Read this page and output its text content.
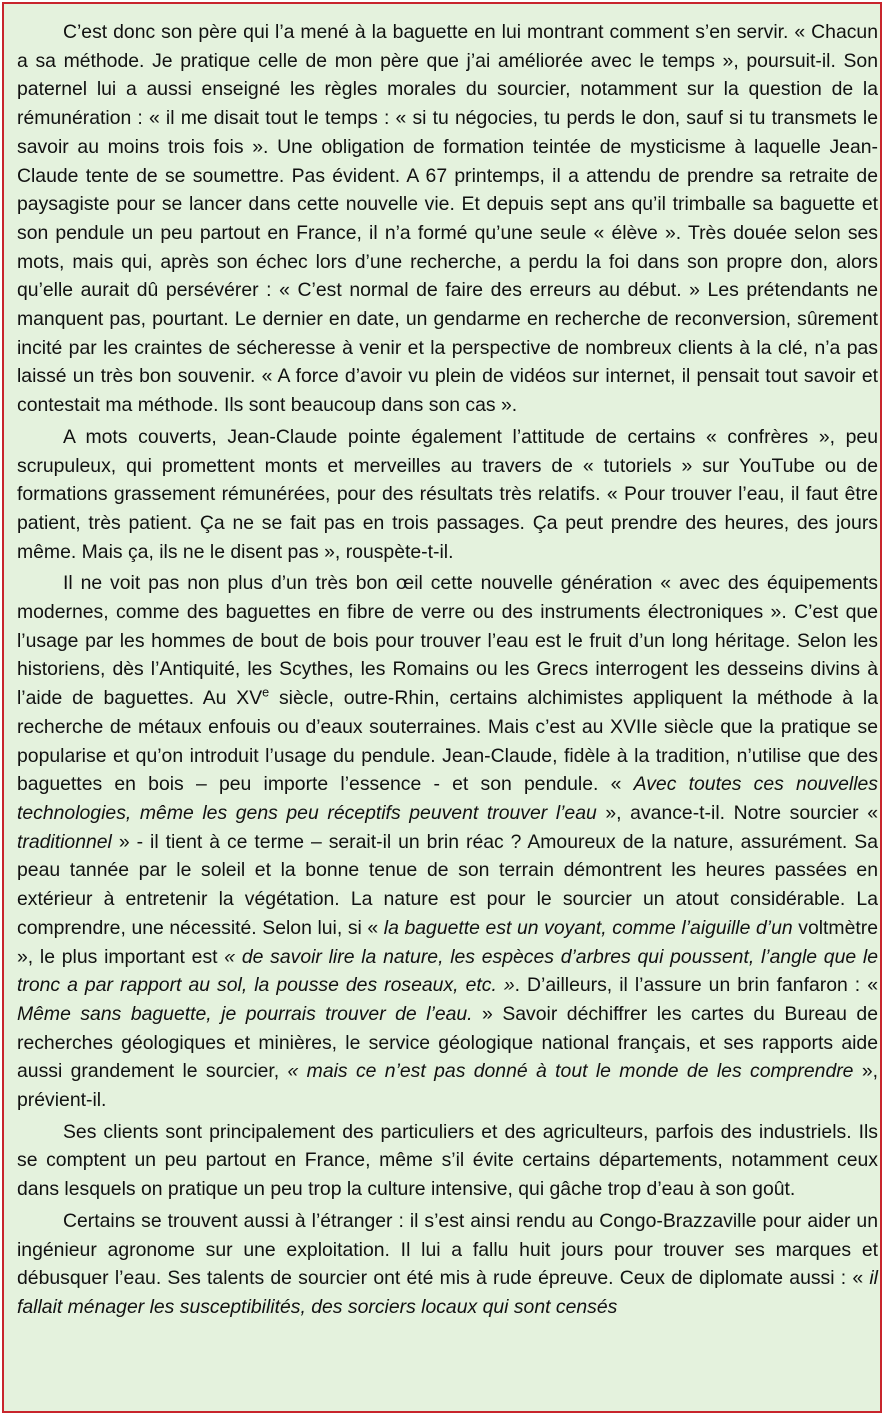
C’est donc son père qui l’a mené à la baguette en lui montrant comment s’en servir. « Chacun a sa méthode. Je pratique celle de mon père que j’ai améliorée avec le temps », poursuit-il. Son paternel lui a aussi enseigné les règles morales du sourcier, notamment sur la question de la rémunération : « il me disait tout le temps : « si tu négocies, tu perds le don, sauf si tu transmets le savoir au moins trois fois ». Une obligation de formation teintée de mysticisme à laquelle Jean-Claude tente de se soumettre. Pas évident. A 67 printemps, il a attendu de prendre sa retraite de paysagiste pour se lancer dans cette nouvelle vie. Et depuis sept ans qu’il trimballe sa baguette et son pendule un peu partout en France, il n’a formé qu’une seule « élève ». Très douée selon ses mots, mais qui, après son échec lors d’une recherche, a perdu la foi dans son propre don, alors qu’elle aurait dû persévérer : « C’est normal de faire des erreurs au début. » Les prétendants ne manquent pas, pourtant. Le dernier en date, un gendarme en recherche de reconversion, sûrement incité par les craintes de sécheresse à venir et la perspective de nombreux clients à la clé, n’a pas laissé un très bon souvenir. « A force d’avoir vu plein de vidéos sur internet, il pensait tout savoir et contestait ma méthode. Ils sont beaucoup dans son cas ».

A mots couverts, Jean-Claude pointe également l’attitude de certains « confrères », peu scrupuleux, qui promettent monts et merveilles au travers de « tutoriels » sur YouTube ou de formations grassement rémunérées, pour des résultats très relatifs. « Pour trouver l’eau, il faut être patient, très patient. Ça ne se fait pas en trois passages. Ça peut prendre des heures, des jours même. Mais ça, ils ne le disent pas », rouspète-t-il.

Il ne voit pas non plus d’un très bon œil cette nouvelle génération « avec des équipements modernes, comme des baguettes en fibre de verre ou des instruments électroniques ». C’est que l’usage par les hommes de bout de bois pour trouver l’eau est le fruit d’un long héritage. Selon les historiens, dès l’Antiquité, les Scythes, les Romains ou les Grecs interrogent les desseins divins à l’aide de baguettes. Au XVe siècle, outre-Rhin, certains alchimistes appliquent la méthode à la recherche de métaux enfouis ou d’eaux souterraines. Mais c’est au XVIIe siècle que la pratique se popularise et qu’on introduit l’usage du pendule. Jean-Claude, fidèle à la tradition, n’utilise que des baguettes en bois – peu importe l’essence - et son pendule. « Avec toutes ces nouvelles technologies, même les gens peu réceptifs peuvent trouver l’eau », avance-t-il. Notre sourcier « traditionnel » - il tient à ce terme – serait-il un brin réac ? Amoureux de la nature, assurément. Sa peau tannée par le soleil et la bonne tenue de son terrain démontrent les heures passées en extérieur à entretenir la végétation. La nature est pour le sourcier un atout considérable. La comprendre, une nécessité. Selon lui, si « la baguette est un voyant, comme l’aiguille d’un voltmètre », le plus important est « de savoir lire la nature, les espèces d’arbres qui poussent, l’angle que le tronc a par rapport au sol, la pousse des roseaux, etc. ». D’ailleurs, il l’assure un brin fanfaron : « Même sans baguette, je pourrais trouver de l’eau. » Savoir déchiffrer les cartes du Bureau de recherches géologiques et minières, le service géologique national français, et ses rapports aide aussi grandement le sourcier, « mais ce n’est pas donné à tout le monde de les comprendre », prévient-il.

Ses clients sont principalement des particuliers et des agriculteurs, parfois des industriels. Ils se comptent un peu partout en France, même s’il évite certains départements, notamment ceux dans lesquels on pratique un peu trop la culture intensive, qui gâche trop d’eau à son goût.

Certains se trouvent aussi à l’étranger : il s’est ainsi rendu au Congo-Brazzaville pour aider un ingénieur agronome sur une exploitation. Il lui a fallu huit jours pour trouver ses marques et débusquer l’eau. Ses talents de sourcier ont été mis à rude épreuve. Ceux de diplomate aussi : « il fallait ménager les susceptibilités, des sorciers locaux qui sont censés
